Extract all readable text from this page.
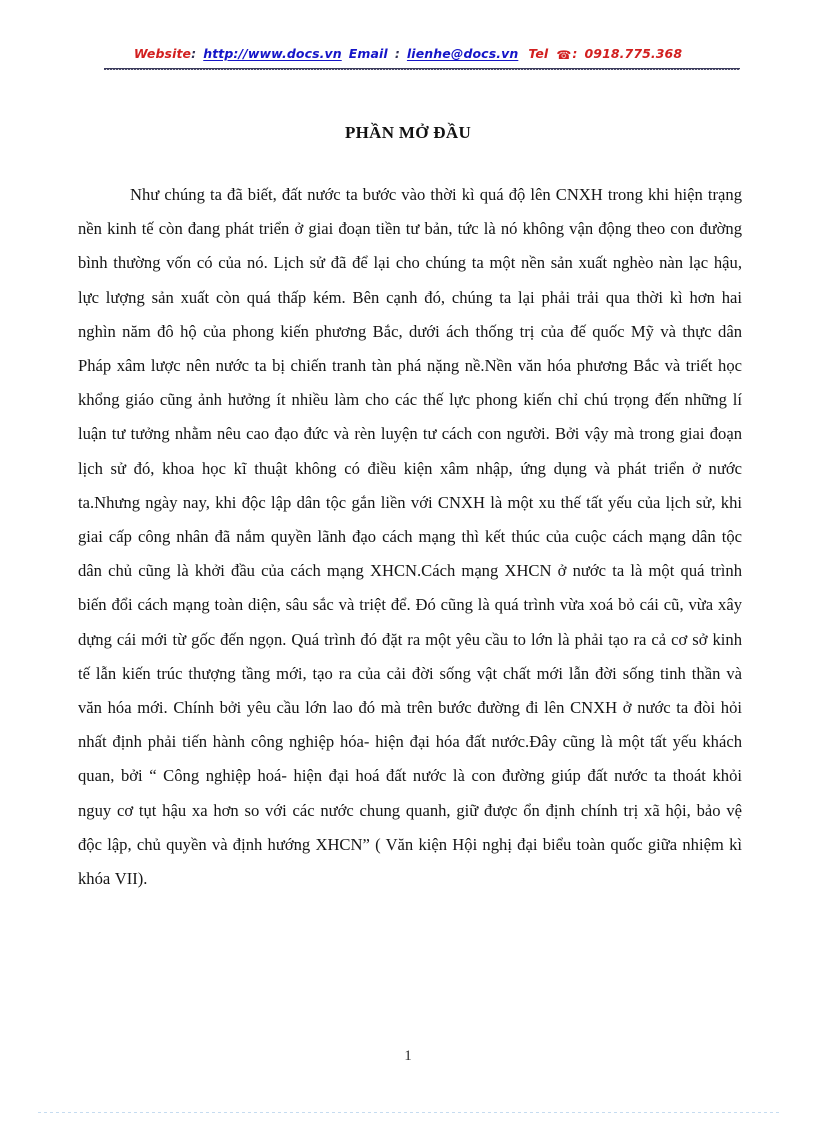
Website: http://www.docs.vn Email : lienhe@docs.vn Tel ☎: 0918.775.368
PHẦN MỞ ĐẦU

Như chúng ta đã biết, đất nước ta bước vào thời kì quá độ lên CNXH trong khi hiện trạng nền kinh tế còn đang phát triển ở giai đoạn tiền tư bản, tức là nó không vận động theo con đường bình thường vốn có của nó. Lịch sử đã để lại cho chúng ta một nền sản xuất nghèo nàn lạc hậu, lực lượng sản xuất còn quá thấp kém. Bên cạnh đó, chúng ta lại phải trải qua thời kì hơn hai nghìn năm đô hộ của phong kiến phương Bắc, dưới ách thống trị của đế quốc Mỹ và thực dân Pháp xâm lược nên nước ta bị chiến tranh tàn phá nặng nề.Nền văn hóa phương Bắc và triết học khổng giáo cũng ảnh hưởng ít nhiều làm cho các thế lực phong kiến chỉ chú trọng đến những lí luận tư tưởng nhằm nêu cao đạo đức và rèn luyện tư cách con người. Bởi vậy mà trong giai đoạn lịch sử đó, khoa học kĩ thuật không có điều kiện xâm nhập, ứng dụng và phát triển ở nước ta.Nhưng ngày nay, khi độc lập dân tộc gắn liền với CNXH là một xu thế tất yếu của lịch sử, khi giai cấp công nhân đã nắm quyền lãnh đạo cách mạng thì kết thúc của cuộc cách mạng dân tộc dân chủ cũng là khởi đầu của cách mạng XHCN.Cách mạng XHCN ở nước ta là một quá trình biến đổi cách mạng toàn diện, sâu sắc và triệt để. Đó cũng là quá trình vừa xoá bỏ cái cũ, vừa xây dựng cái mới từ gốc đến ngọn. Quá trình đó đặt ra một yêu cầu to lớn là phải tạo ra cả cơ sở kinh tế lẫn kiến trúc thượng tầng mới, tạo ra của cải đời sống vật chất mới lẫn đời sống tinh thần và văn hóa mới. Chính bởi yêu cầu lớn lao đó mà trên bước đường đi lên CNXH ở nước ta đòi hỏi nhất định phải tiến hành công nghiệp hóa- hiện đại hóa đất nước.Đây cũng là một tất yếu khách quan, bởi “ Công nghiệp hoá- hiện đại hoá đất nước là con đường giúp đất nước ta thoát khỏi nguy cơ tụt hậu xa hơn so với các nước chung quanh, giữ được ổn định chính trị xã hội, bảo vệ độc lập, chủ quyền và định hướng XHCN” ( Văn kiện Hội nghị đại biểu toàn quốc giữa nhiệm kì khóa VII).

1
